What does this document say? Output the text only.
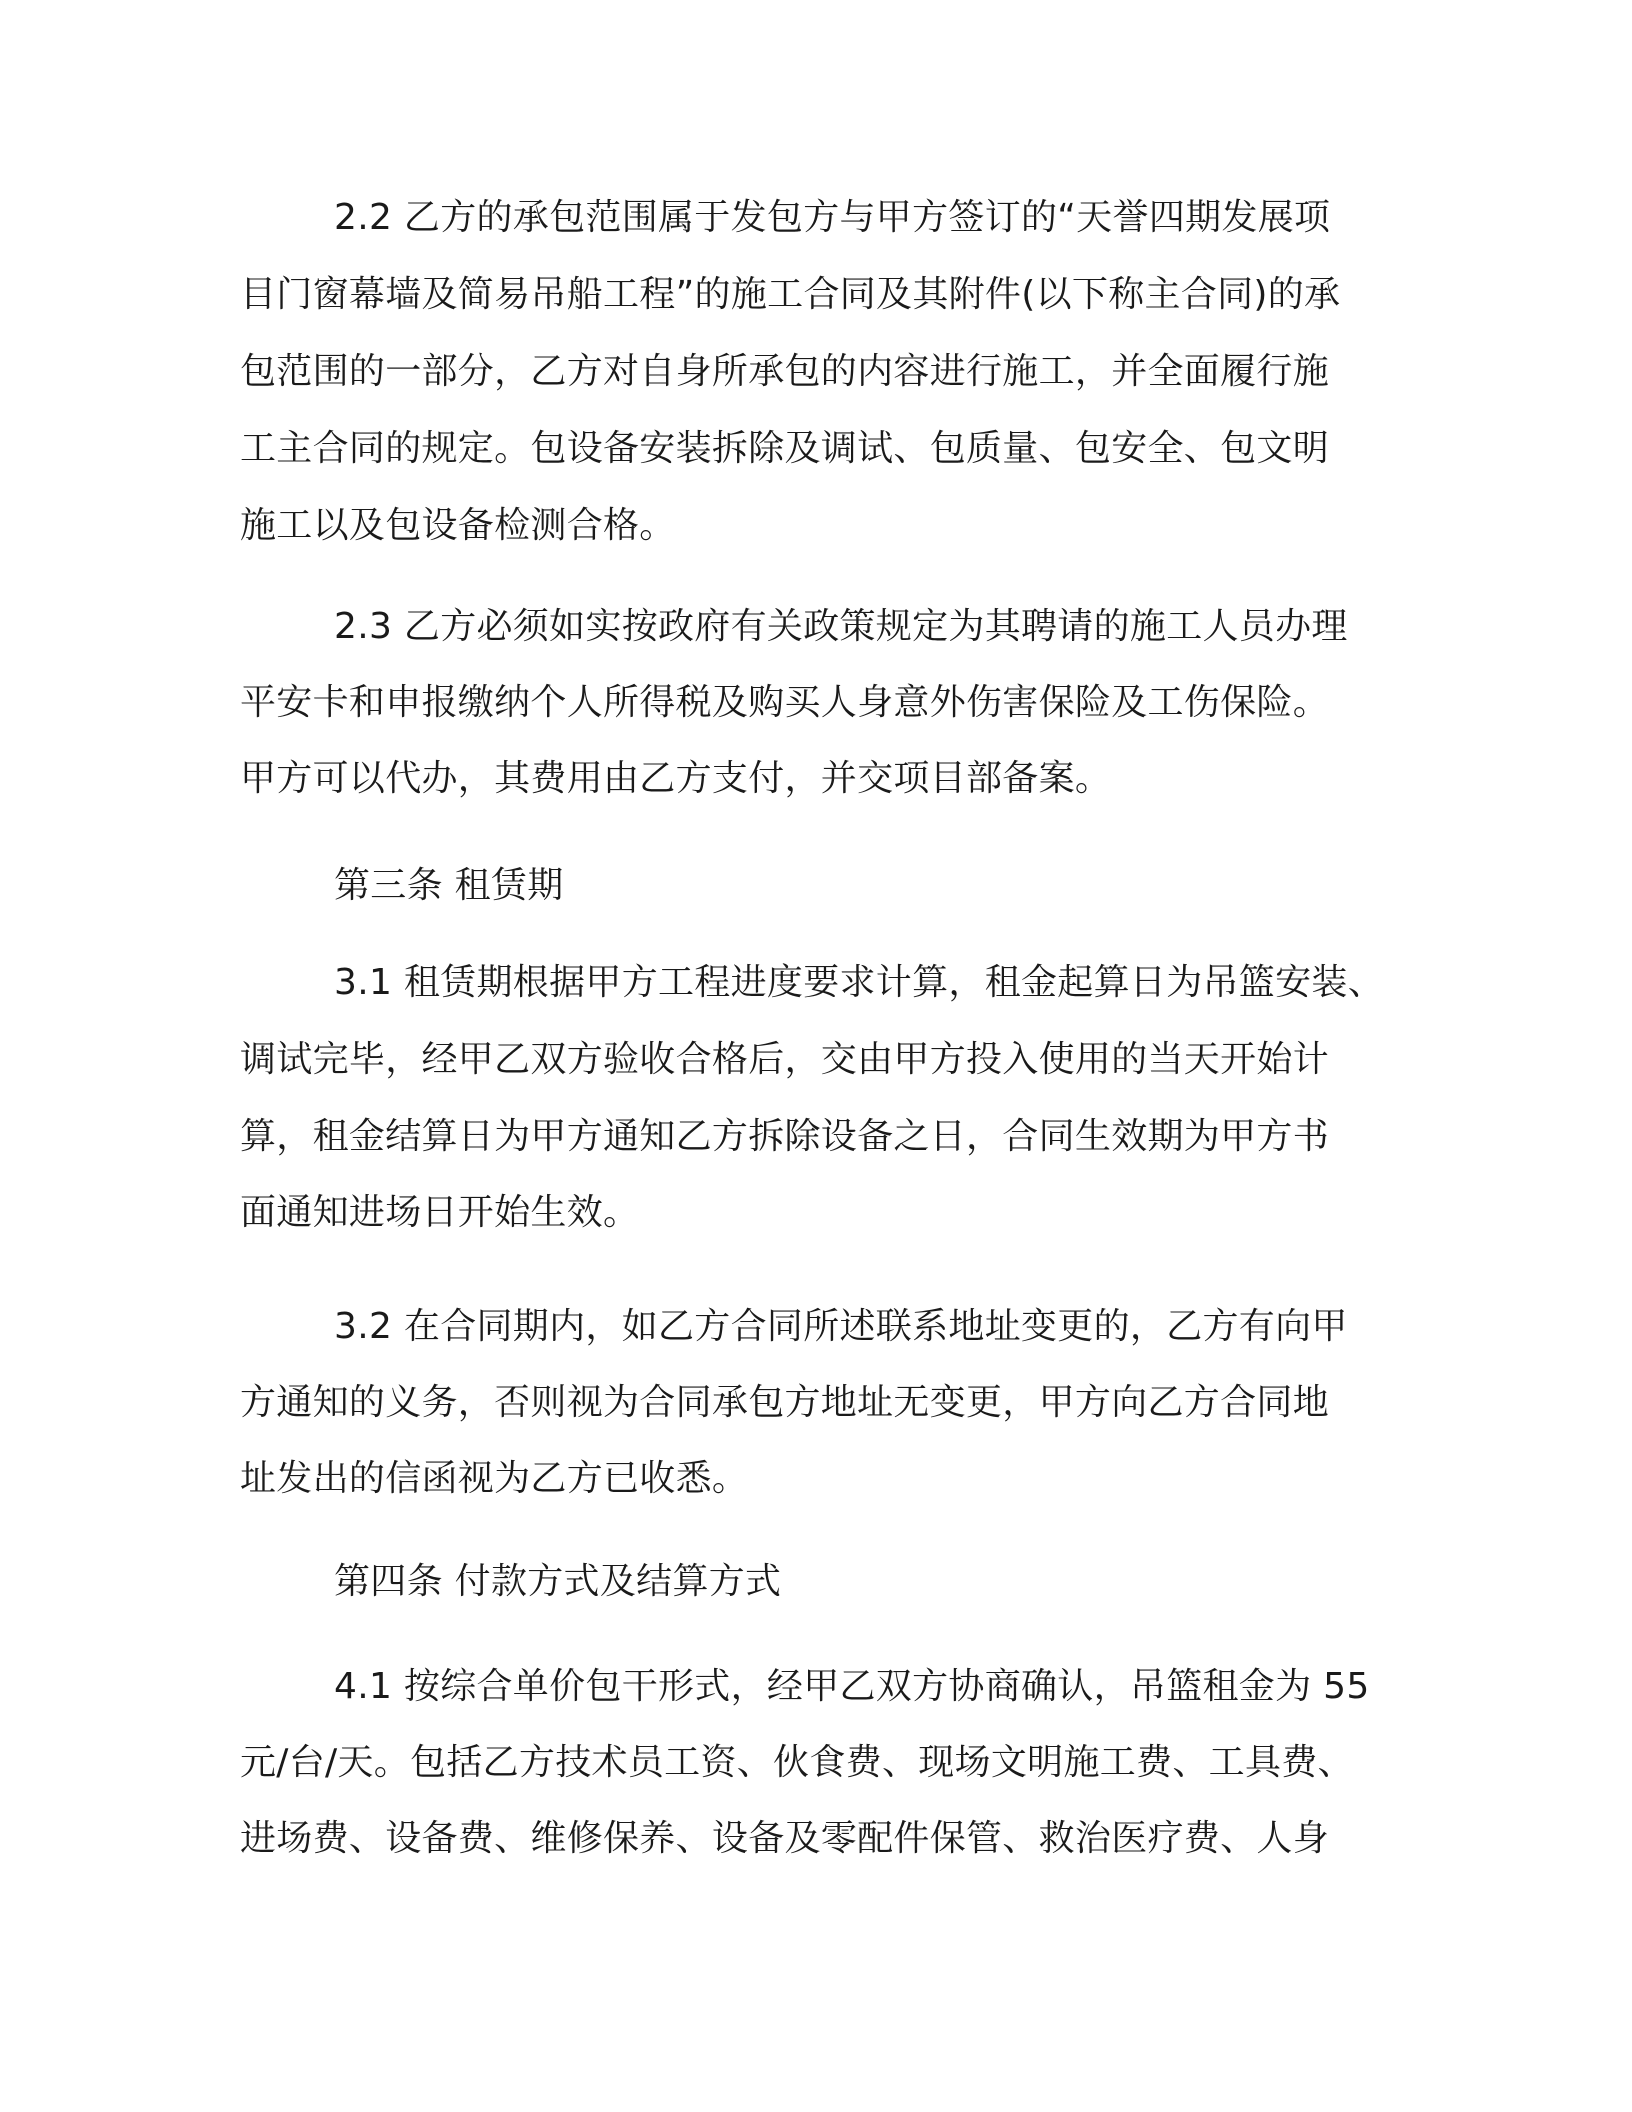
2.2 乙方的承包范围属于发包方与甲方签订的“天誉四期发展项

目门窗幕墙及简易吊船工程”的施工合同及其附件(以下称主合同)的承

包范围的一部分，乙方对自身所承包的内容进行施工，并全面履行施

工主合同的规定。包设备安装拆除及调试、包质量、包安全、包文明

施工以及包设备检测合格。

2.3 乙方必须如实按政府有关政策规定为其聘请的施工人员办理

平安卡和申报缴纳个人所得税及购买人身意外伤害保险及工伤保险。

甲方可以代办，其费用由乙方支付，并交项目部备案。

第三条 租赁期

3.1 租赁期根据甲方工程进度要求计算，租金起算日为吊篮安装、

调试完毕，经甲乙双方验收合格后，交由甲方投入使用的当天开始计

算，租金结算日为甲方通知乙方拆除设备之日，合同生效期为甲方书

面通知进场日开始生效。

3.2 在合同期内，如乙方合同所述联系地址变更的，乙方有向甲

方通知的义务，否则视为合同承包方地址无变更，甲方向乙方合同地

址发出的信函视为乙方已收悉。

第四条 付款方式及结算方式

4.1 按综合单价包干形式，经甲乙双方协商确认，吊篮租金为 55

元/台/天。包括乙方技术员工资、伙食费、现场文明施工费、工具费、

进场费、设备费、维修保养、设备及零配件保管、救治医疗费、人身
